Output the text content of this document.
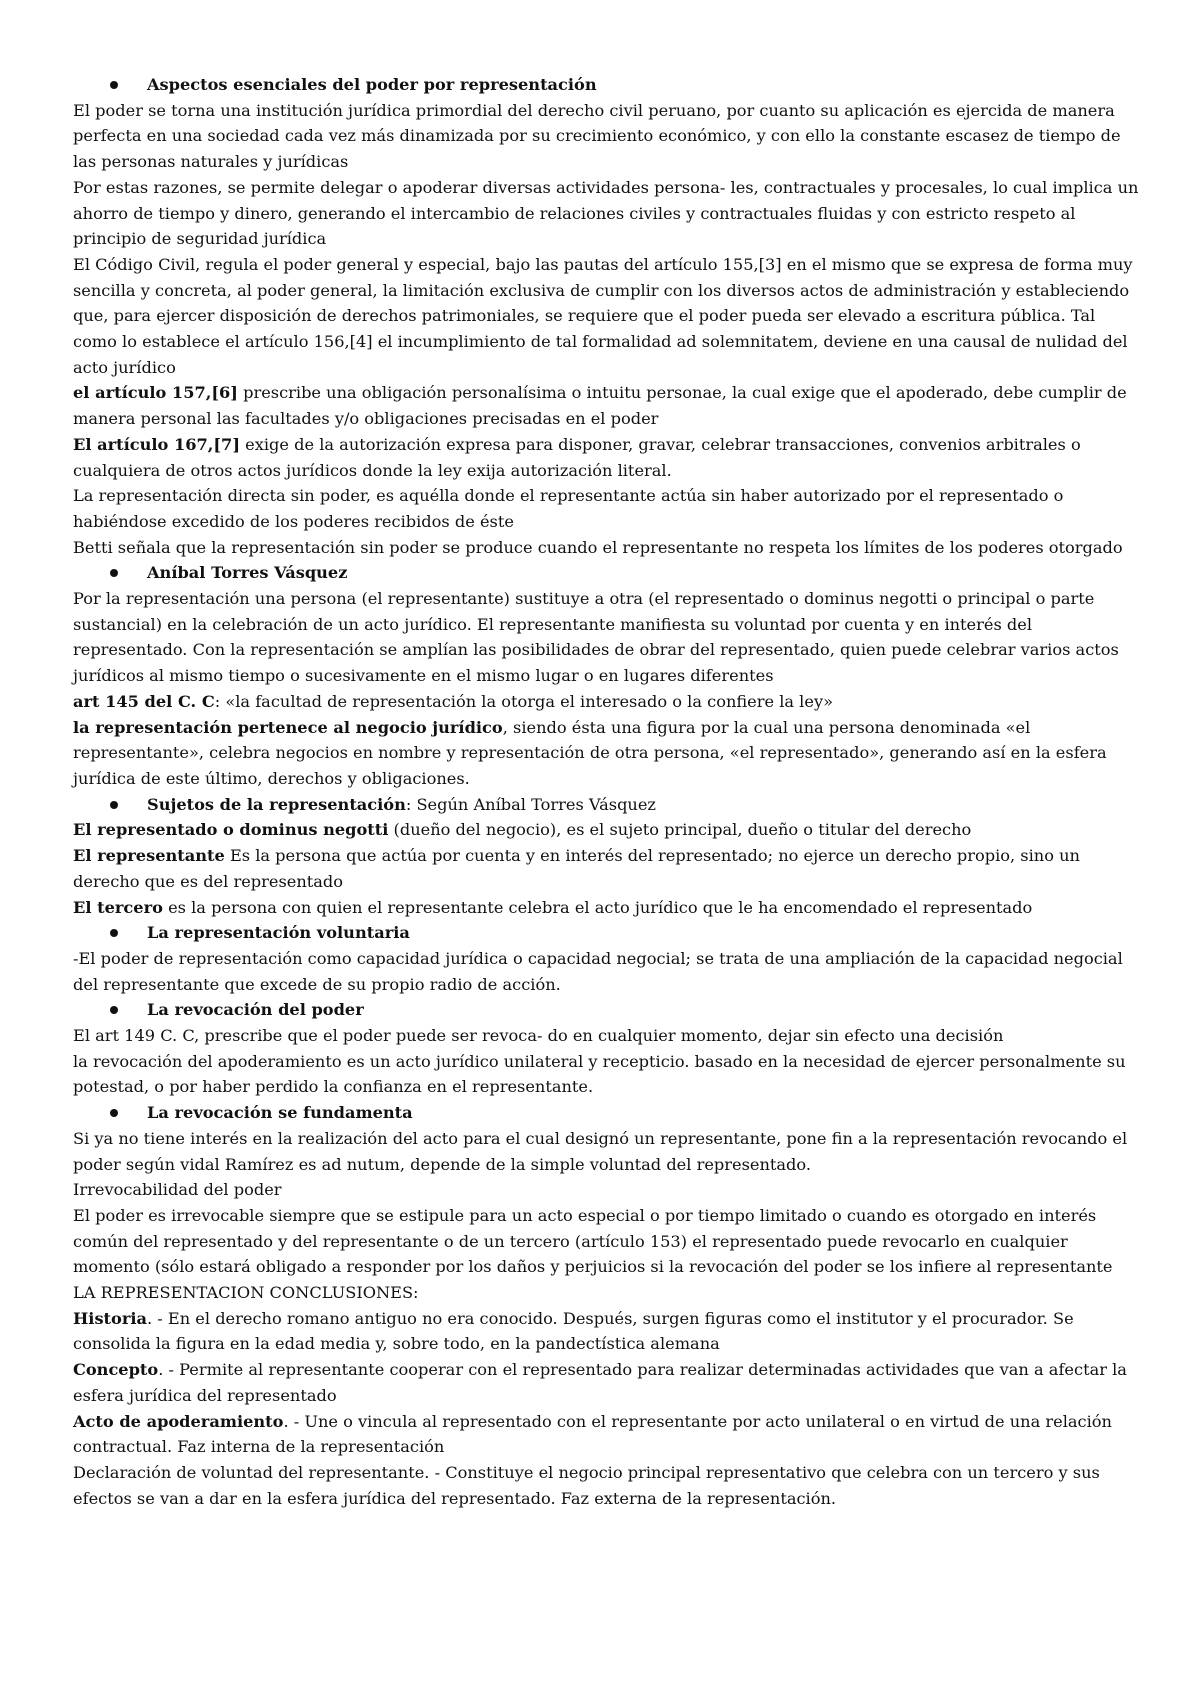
Aspectos esenciales del poder por representación

El poder se torna una institución jurídica primordial del derecho civil peruano, por cuanto su aplicación es ejercida de manera perfecta en una sociedad cada vez más dinamizada por su crecimiento económico, y con ello la constante escasez de tiempo de las personas naturales y jurídicas

Por estas razones, se permite delegar o apoderar diversas actividades persona- les, contractuales y procesales, lo cual implica un ahorro de tiempo y dinero, generando el intercambio de relaciones civiles y contractuales fluidas y con estricto respeto al principio de seguridad jurídica

El Código Civil, regula el poder general y especial, bajo las pautas del artículo 155,[3] en el mismo que se expresa de forma muy sencilla y concreta, al poder general, la limitación exclusiva de cumplir con los diversos actos de administración y estableciendo que, para ejercer disposición de derechos patrimoniales, se requiere que el poder pueda ser elevado a escritura pública. Tal como lo establece el artículo 156,[4] el incumplimiento de tal formalidad ad solemnitatem, deviene en una causal de nulidad del acto jurídico

el artículo 157,[6] prescribe una obligación personalísima o intuitu personae, la cual exige que el apoderado, debe cumplir de manera personal las facultades y/o obligaciones precisadas en el poder

El artículo 167,[7] exige de la autorización expresa para disponer, gravar, celebrar transacciones, convenios arbitrales o cualquiera de otros actos jurídicos donde la ley exija autorización literal.

La representación directa sin poder, es aquélla donde el representante actúa sin haber autorizado por el representado o habiéndose excedido de los poderes recibidos de éste

Betti señala que la representación sin poder se produce cuando el representante no respeta los límites de los poderes otorgado

Aníbal Torres Vásquez

Por la representación una persona (el representante) sustituye a otra (el representado o dominus negotti o principal o parte sustancial) en la celebración de un acto jurídico. El representante manifiesta su voluntad por cuenta y en interés del representado. Con la representación se amplían las posibilidades de obrar del representado, quien puede celebrar varios actos jurídicos al mismo tiempo o sucesivamente en el mismo lugar o en lugares diferentes

art 145 del C. C: «la facultad de representación la otorga el interesado o la confiere la ley»

la representación pertenece al negocio jurídico, siendo ésta una figura por la cual una persona denominada «el representante», celebra negocios en nombre y representación de otra persona, «el representado», generando así en la esfera jurídica de este último, derechos y obligaciones.

Sujetos de la representación: Según Aníbal Torres Vásquez

El representado o dominus negotti (dueño del negocio), es el sujeto principal, dueño o titular del derecho

El representante Es la persona que actúa por cuenta y en interés del representado; no ejerce un derecho propio, sino un derecho que es del representado

El tercero es la persona con quien el representante celebra el acto jurídico que le ha encomendado el representado

La representación voluntaria

-El poder de representación como capacidad jurídica o capacidad negocial; se trata de una ampliación de la capacidad negocial del representante que excede de su propio radio de acción.

La revocación del poder

El art 149 C. C, prescribe que el poder puede ser revoca- do en cualquier momento, dejar sin efecto una decisión

la revocación del apoderamiento es un acto jurídico unilateral y recepticio. basado en la necesidad de ejercer personalmente su potestad, o por haber perdido la confianza en el representante.

La revocación se fundamenta

Si ya no tiene interés en la realización del acto para el cual designó un representante, pone fin a la representación revocando el poder según vidal Ramírez es ad nutum, depende de la simple voluntad del representado.

Irrevocabilidad del poder

El poder es irrevocable siempre que se estipule para un acto especial o por tiempo limitado o cuando es otorgado en interés común del representado y del representante o de un tercero (artículo 153) el representado puede revocarlo en cualquier momento (sólo estará obligado a responder por los daños y perjuicios si la revocación del poder se los infiere al representante

LA REPRESENTACION CONCLUSIONES:

Historia. - En el derecho romano antiguo no era conocido. Después, surgen figuras como el institutor y el procurador. Se consolida la figura en la edad media y, sobre todo, en la pandectística alemana

Concepto. - Permite al representante cooperar con el representado para realizar determinadas actividades que van a afectar la esfera jurídica del representado

Acto de apoderamiento. - Une o vincula al representado con el representante por acto unilateral o en virtud de una relación contractual. Faz interna de la representación

Declaración de voluntad del representante. - Constituye el negocio principal representativo que celebra con un tercero y sus efectos se van a dar en la esfera jurídica del representado. Faz externa de la representación.
